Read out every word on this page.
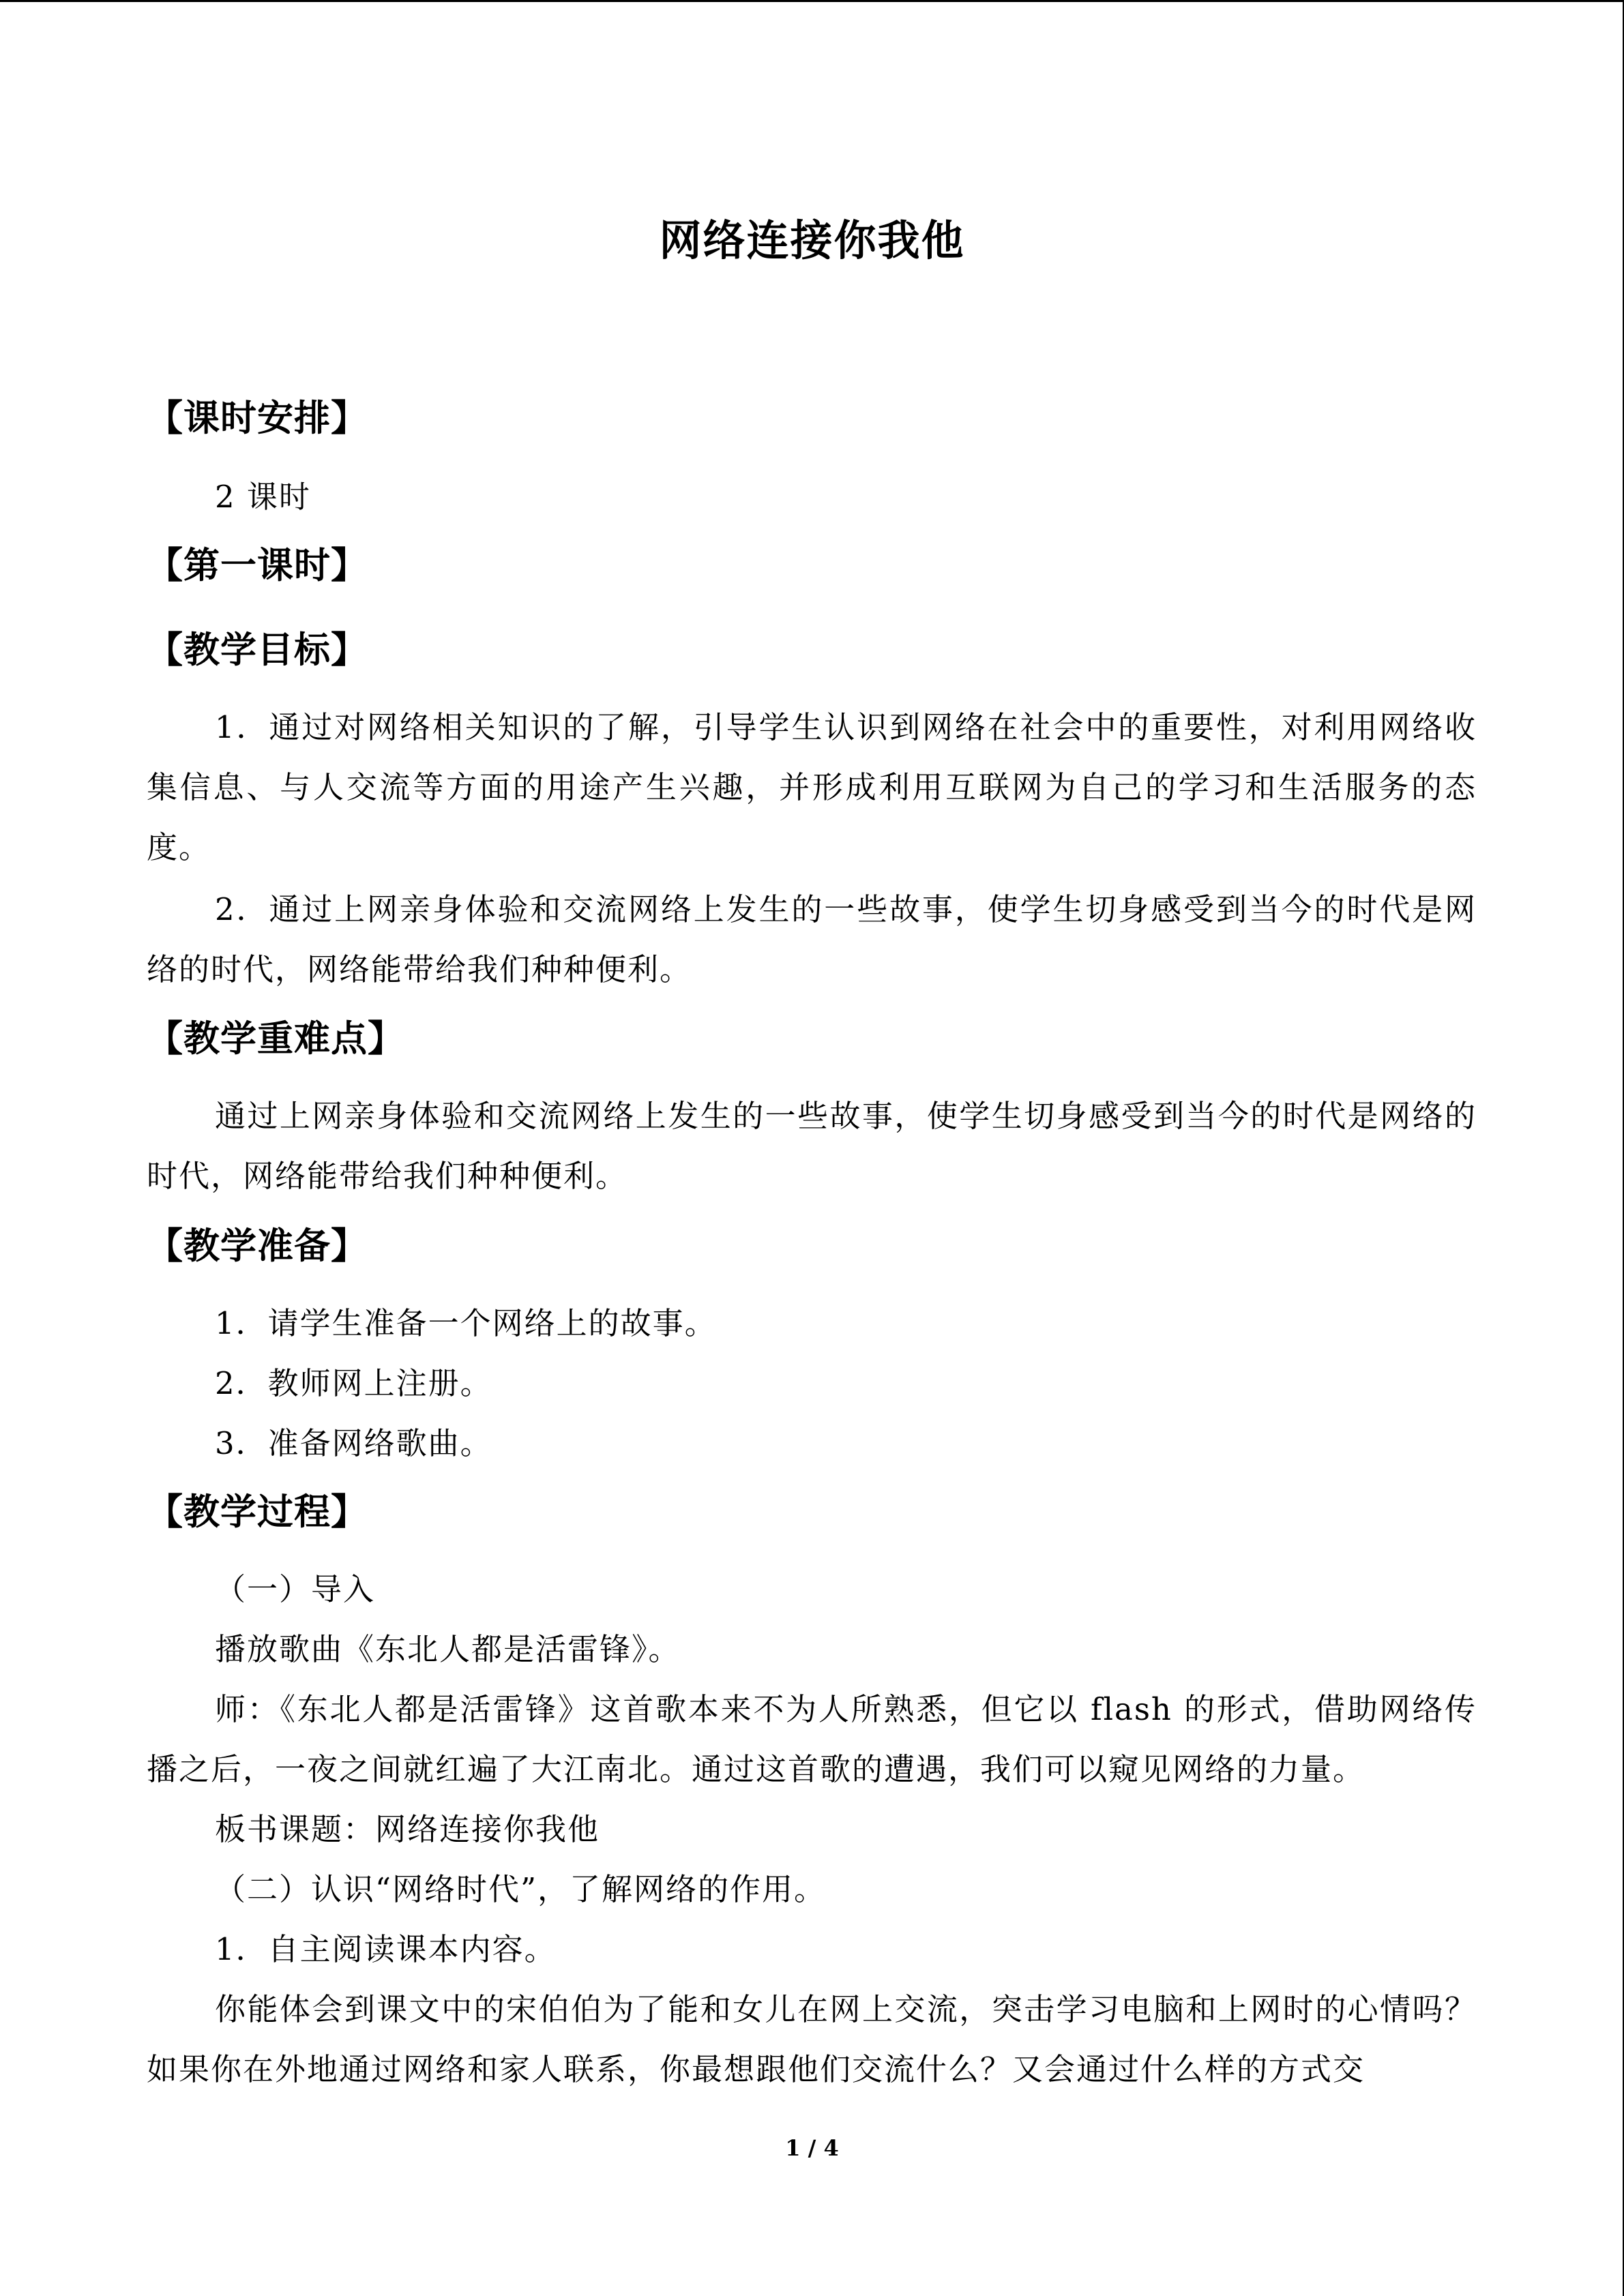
网络连接你我他
【课时安排】
2 课时
【第一课时】
【教学目标】
1．通过对网络相关知识的了解，引导学生认识到网络在社会中的重要性，对利用网络收集信息、与人交流等方面的用途产生兴趣，并形成利用互联网为自己的学习和生活服务的态度。
2．通过上网亲身体验和交流网络上发生的一些故事，使学生切身感受到当今的时代是网络的时代，网络能带给我们种种便利。
【教学重难点】
通过上网亲身体验和交流网络上发生的一些故事，使学生切身感受到当今的时代是网络的时代，网络能带给我们种种便利。
【教学准备】
1．请学生准备一个网络上的故事。
2．教师网上注册。
3．准备网络歌曲。
【教学过程】
（一）导入
播放歌曲《东北人都是活雷锋》。
师：《东北人都是活雷锋》这首歌本来不为人所熟悉，但它以 flash 的形式，借助网络传播之后，一夜之间就红遍了大江南北。通过这首歌的遭遇，我们可以窥见网络的力量。
板书课题：网络连接你我他
（二）认识“网络时代”，了解网络的作用。
1．自主阅读课本内容。
你能体会到课文中的宋伯伯为了能和女儿在网上交流，突击学习电脑和上网时的心情吗？如果你在外地通过网络和家人联系，你最想跟他们交流什么？又会通过什么样的方式交
1 / 4
